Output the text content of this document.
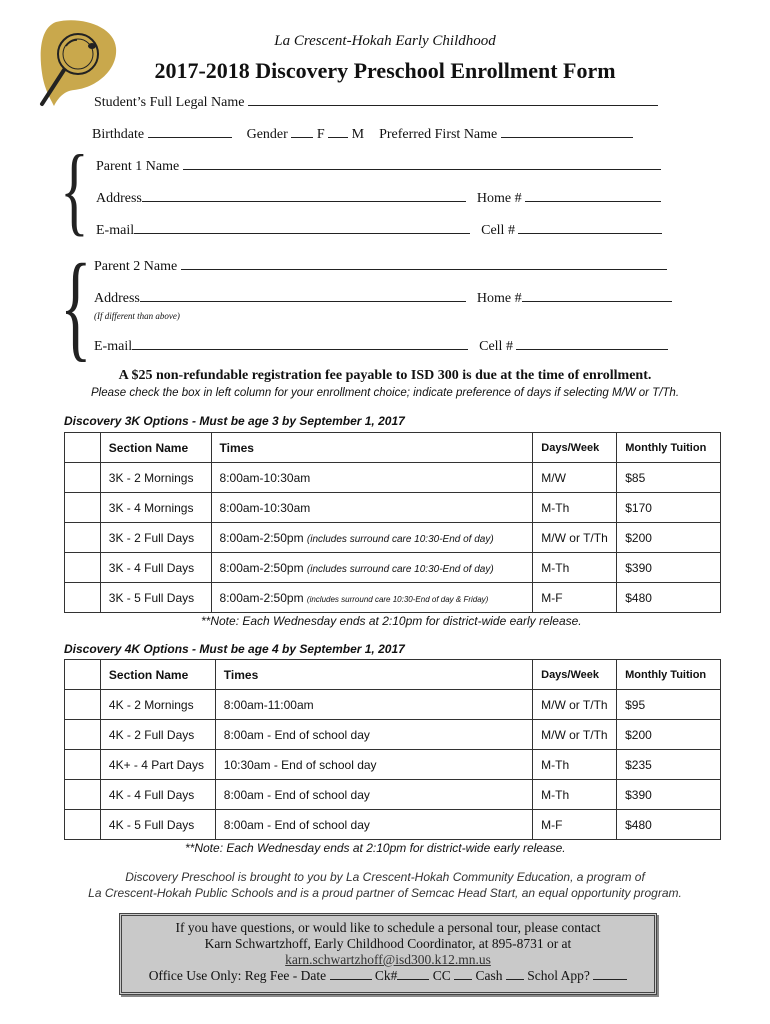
La Crescent-Hokah Early Childhood
2017-2018 Discovery Preschool Enrollment Form
Student’s Full Legal Name
Birthdate	Gender F M Preferred First Name
{ Parent 1 Name
Address	Home #
E-mail	Cell #
{ Parent 2 Name
Address	Home #
(If different than above)
E-mail	Cell #
A $25 non-refundable registration fee payable to ISD 300 is due at the time of enrollment.
Please check the box in left column for your enrollment choice; indicate preference of days if selecting M/W or T/Th.
Discovery 3K Options - Must be age 3 by September 1, 2017
	Section Name	Times	Days/Week	Monthly Tuition
	3K - 2 Mornings	8:00am-10:30am	M/W	$85
	3K - 4 Mornings	8:00am-10:30am	M-Th	$170
	3K - 2 Full Days	8:00am-2:50pm (includes surround care 10:30-End of day)	M/W or T/Th	$200
	3K - 4 Full Days	8:00am-2:50pm (includes surround care 10:30-End of day)	M-Th	$390
	3K - 5 Full Days	8:00am-2:50pm (includes surround care 10:30-End of day & Friday)	M-F	$480
**Note: Each Wednesday ends at 2:10pm for district-wide early release.
Discovery 4K Options - Must be age 4 by September 1, 2017
	Section Name	Times	Days/Week	Monthly Tuition
	4K - 2 Mornings	8:00am-11:00am	M/W or T/Th	$95
	4K - 2 Full Days	8:00am - End of school day	M/W or T/Th	$200
	4K+ - 4 Part Days	10:30am - End of school day	M-Th	$235
	4K - 4 Full Days	8:00am - End of school day	M-Th	$390
	4K - 5 Full Days	8:00am - End of school day	M-F	$480
**Note: Each Wednesday ends at 2:10pm for district-wide early release.
Discovery Preschool is brought to you by La Crescent-Hokah Community Education, a program of
La Crescent-Hokah Public Schools and is a proud partner of Semcac Head Start, an equal opportunity program.
If you have questions, or would like to schedule a personal tour, please contact
Karn Schwartzhoff, Early Childhood Coordinator, at 895-8731 or at
karn.schwartzhoff@isd300.k12.mn.us
Office Use Only: Reg Fee - Date	Ck#	CC Cash Schol App?
